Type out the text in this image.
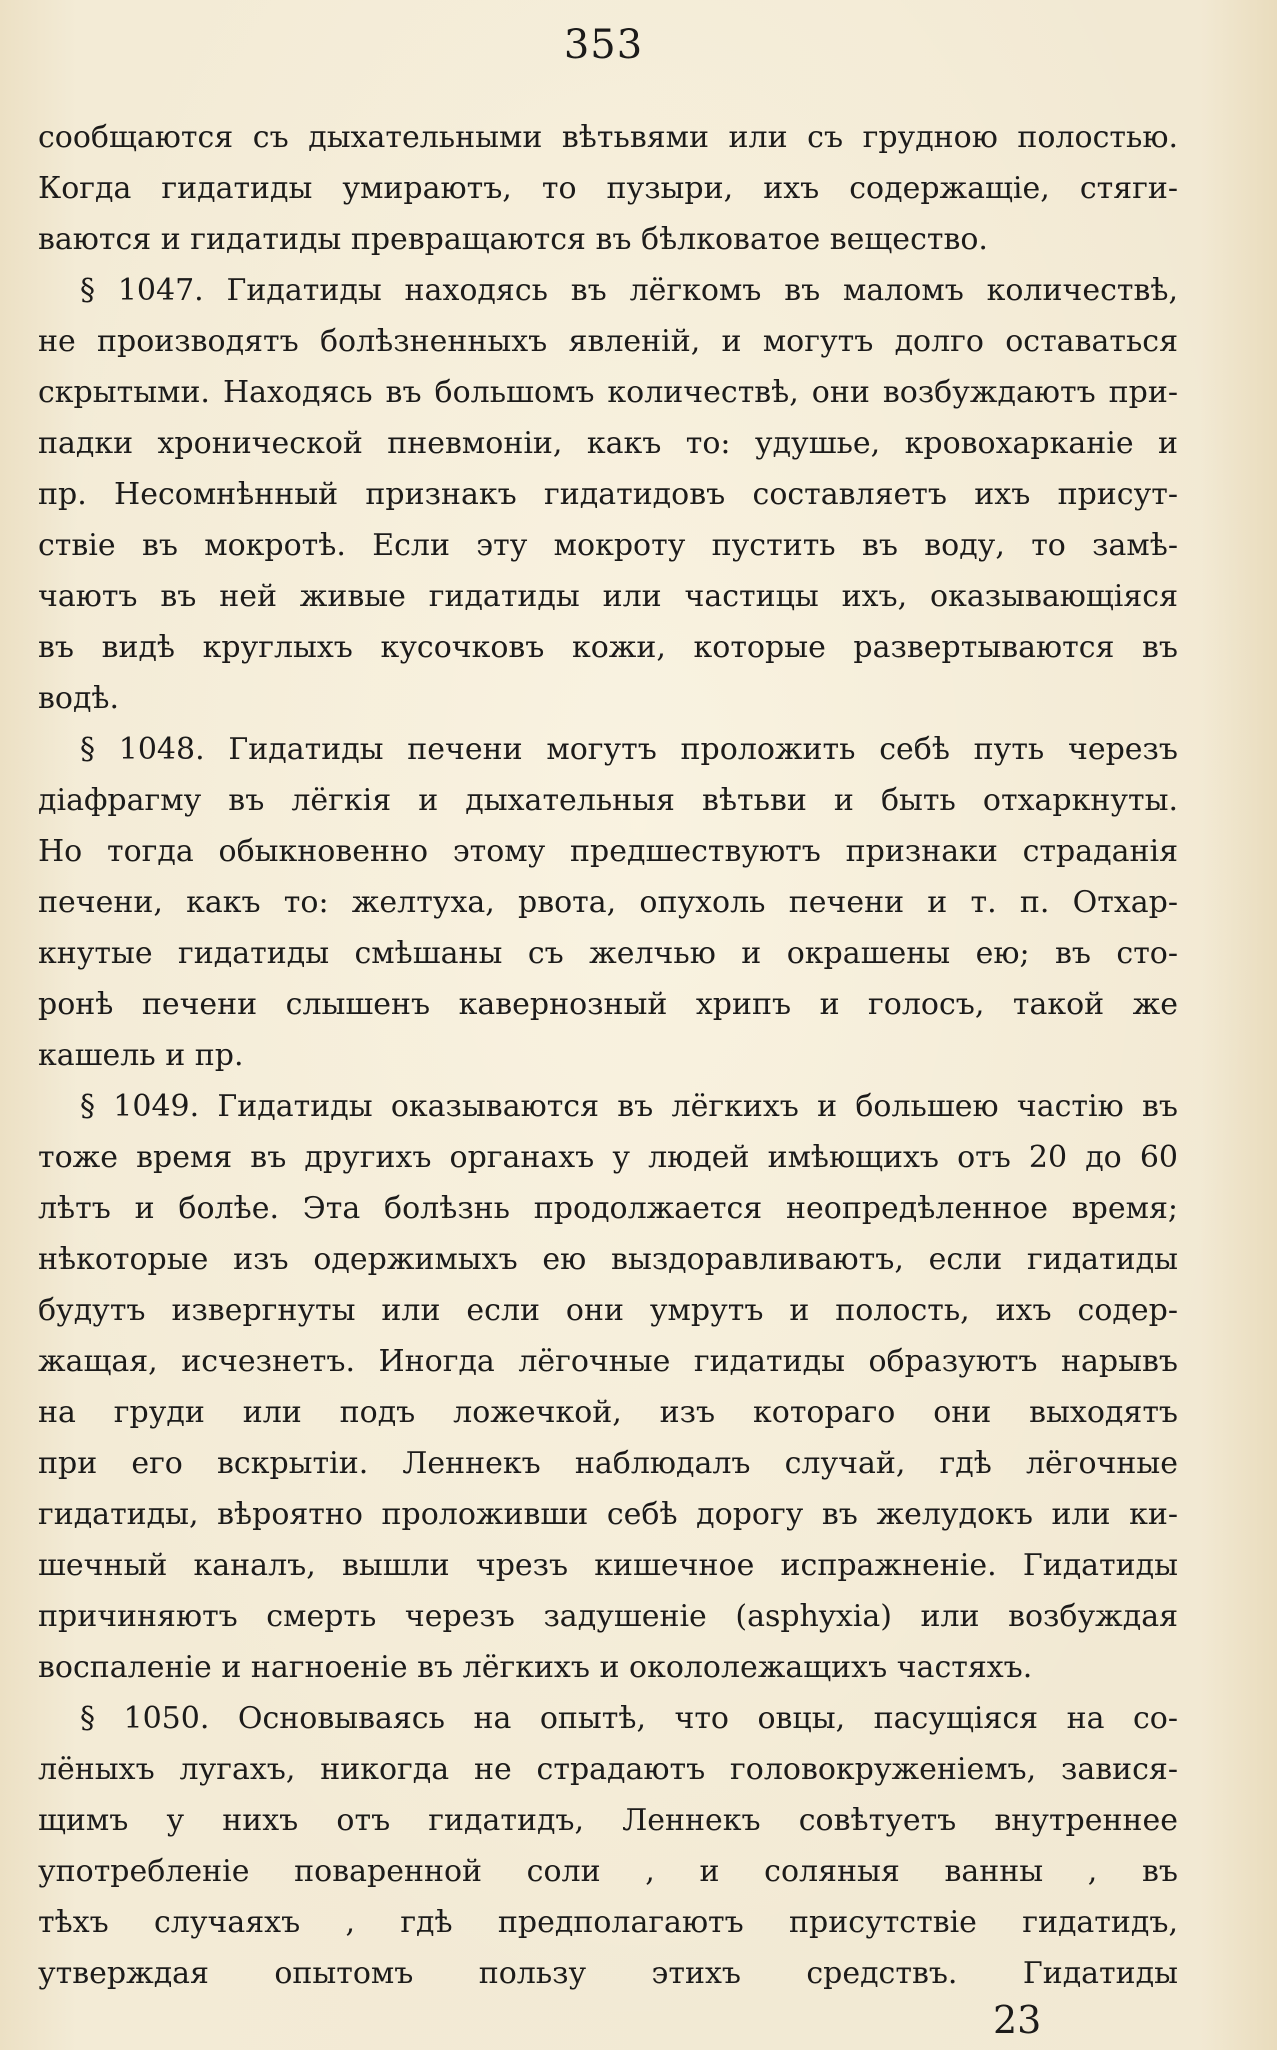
353
сообщаются съ дыхательными вѣтьвями или съ грудною полостью.
Когда гидатиды умираютъ, то пузыри, ихъ содержащіе, стяги-
ваются и гидатиды превращаются въ бѣлковатое вещество.
§ 1047. Гидатиды находясь въ лёгкомъ въ маломъ количествѣ,
не производятъ болѣзненныхъ явленій, и могутъ долго оставаться
скрытыми. Находясь въ большомъ количествѣ, они возбуждаютъ при-
падки хронической пневмоніи, какъ то: удушье, кровохарканіе и
пр. Несомнѣнный признакъ гидатидовъ составляетъ ихъ присут-
ствіе въ мокротѣ. Если эту мокроту пустить въ воду, то замѣ-
чаютъ въ ней живые гидатиды или частицы ихъ, оказывающіяся
въ видѣ круглыхъ кусочковъ кожи, которые развертываются въ
водѣ.
§ 1048. Гидатиды печени могутъ проложить себѣ путь черезъ
діафрагму въ лёгкія и дыхательныя вѣтьви и быть отхаркнуты.
Но тогда обыкновенно этому предшествуютъ признаки страданія
печени, какъ то: желтуха, рвота, опухоль печени и т. п. Отхар-
кнутые гидатиды смѣшаны съ желчью и окрашены ею; въ сто-
ронѣ печени слышенъ кавернозный хрипъ и голосъ, такой же
кашель и пр.
§ 1049. Гидатиды оказываются въ лёгкихъ и большею частію въ
тоже время въ другихъ органахъ у людей имѣющихъ отъ 20 до 60
лѣтъ и болѣе. Эта болѣзнь продолжается неопредѣленное время;
нѣкоторые изъ одержимыхъ ею выздоравливаютъ, если гидатиды
будутъ извергнуты или если они умрутъ и полость, ихъ содер-
жащая, исчезнетъ. Иногда лёгочные гидатиды образуютъ нарывъ
на груди или подъ ложечкой, изъ котораго они выходятъ
при его вскрытіи. Леннекъ наблюдалъ случай, гдѣ лёгочные
гидатиды, вѣроятно проложивши себѣ дорогу въ желудокъ или ки-
шечный каналъ, вышли чрезъ кишечное испражненіе. Гидатиды
причиняютъ смерть черезъ задушеніе (asphyxia) или возбуждая
воспаленіе и нагноеніе въ лёгкихъ и окололежащихъ частяхъ.
§ 1050. Основываясь на опытѣ, что овцы, пасущіяся на со-
лёныхъ лугахъ, никогда не страдаютъ головокруженіемъ, завися-
щимъ у нихъ отъ гидатидъ, Леннекъ совѣтуетъ внутреннее
употребленіе поваренной соли , и соляныя ванны , въ
тѣхъ случаяхъ , гдѣ предполагаютъ присутствіе гидатидъ,
утверждая опытомъ пользу этихъ средствъ. Гидатиды
23
